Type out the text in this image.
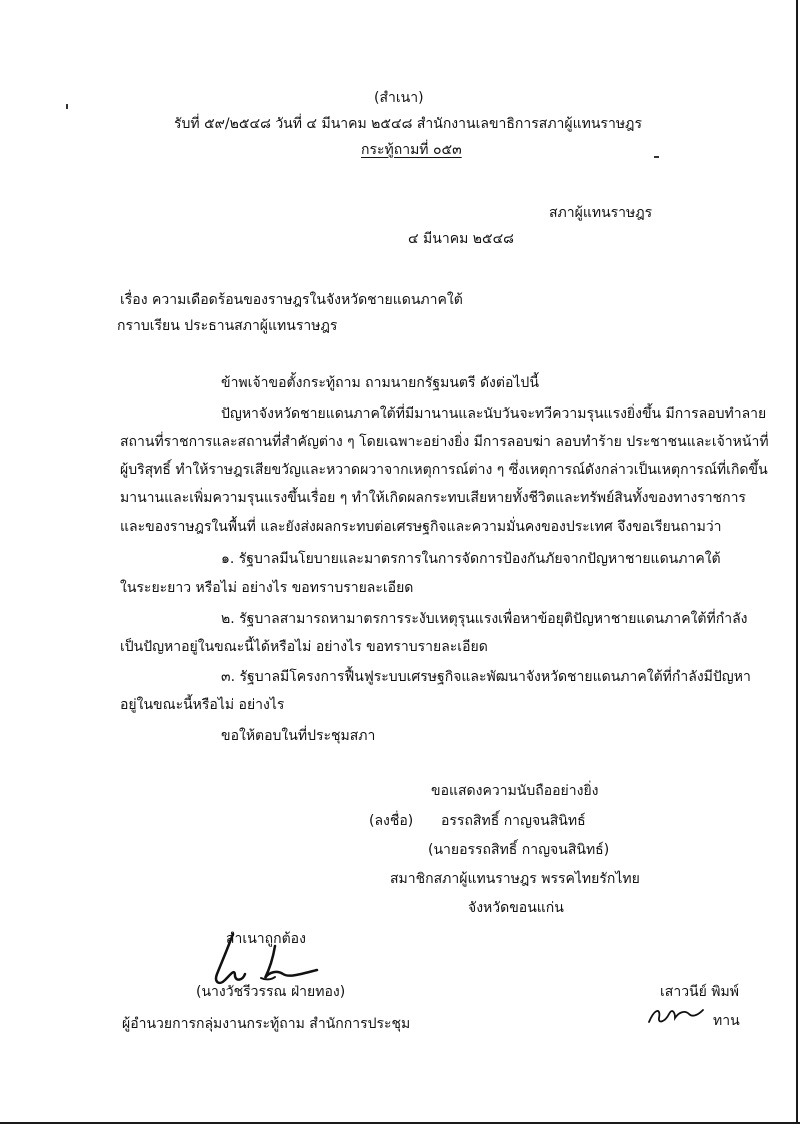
(สำเนา)
รับที่ ๕๙/๒๕๔๘ วันที่ ๔ มีนาคม ๒๕๔๘ สำนักงานเลขาธิการสภาผู้แทนราษฎร
กระทู้ถามที่ ๐๕๓
สภาผู้แทนราษฎร
๔ มีนาคม ๒๕๔๘
เรื่อง ความเดือดร้อนของราษฎรในจังหวัดชายแดนภาคใต้
กราบเรียน ประธานสภาผู้แทนราษฎร
ข้าพเจ้าขอตั้งกระทู้ถาม ถามนายกรัฐมนตรี ดังต่อไปนี้
ปัญหาจังหวัดชายแดนภาคใต้ที่มีมานานและนับวันจะทวีความรุนแรงยิ่งขึ้น มีการลอบทำลาย
สถานที่ราชการและสถานที่สำคัญต่าง ๆ โดยเฉพาะอย่างยิ่ง มีการลอบฆ่า ลอบทำร้าย ประชาชนและเจ้าหน้าที่
ผู้บริสุทธิ์ ทำให้ราษฎรเสียขวัญและหวาดผวาจากเหตุการณ์ต่าง ๆ ซึ่งเหตุการณ์ดังกล่าวเป็นเหตุการณ์ที่เกิดขึ้น
มานานและเพิ่มความรุนแรงขึ้นเรื่อย ๆ ทำให้เกิดผลกระทบเสียหายทั้งชีวิตและทรัพย์สินทั้งของทางราชการ
และของราษฎรในพื้นที่ และยังส่งผลกระทบต่อเศรษฐกิจและความมั่นคงของประเทศ จึงขอเรียนถามว่า
๑. รัฐบาลมีนโยบายและมาตรการในการจัดการป้องกันภัยจากปัญหาชายแดนภาคใต้
ในระยะยาว หรือไม่ อย่างไร ขอทราบรายละเอียด
๒. รัฐบาลสามารถหามาตรการระงับเหตุรุนแรงเพื่อหาข้อยุติปัญหาชายแดนภาคใต้ที่กำลัง
เป็นปัญหาอยู่ในขณะนี้ได้หรือไม่ อย่างไร ขอทราบรายละเอียด
๓. รัฐบาลมีโครงการฟื้นฟูระบบเศรษฐกิจและพัฒนาจังหวัดชายแดนภาคใต้ที่กำลังมีปัญหา
อยู่ในขณะนี้หรือไม่ อย่างไร
ขอให้ตอบในที่ประชุมสภา
ขอแสดงความนับถืออย่างยิ่ง
(ลงชื่อ) อรรถสิทธิ์ กาญจนสินิทธ์
(นายอรรถสิทธิ์ กาญจนสินิทธ์)
สมาชิกสภาผู้แทนราษฎร พรรคไทยรักไทย
จังหวัดขอนแก่น
สำเนาถูกต้อง
(นางวัชรีวรรณ ฝ่ายทอง)
ผู้อำนวยการกลุ่มงานกระทู้ถาม สำนักการประชุม
เสาวนีย์ พิมพ์
ทาน
